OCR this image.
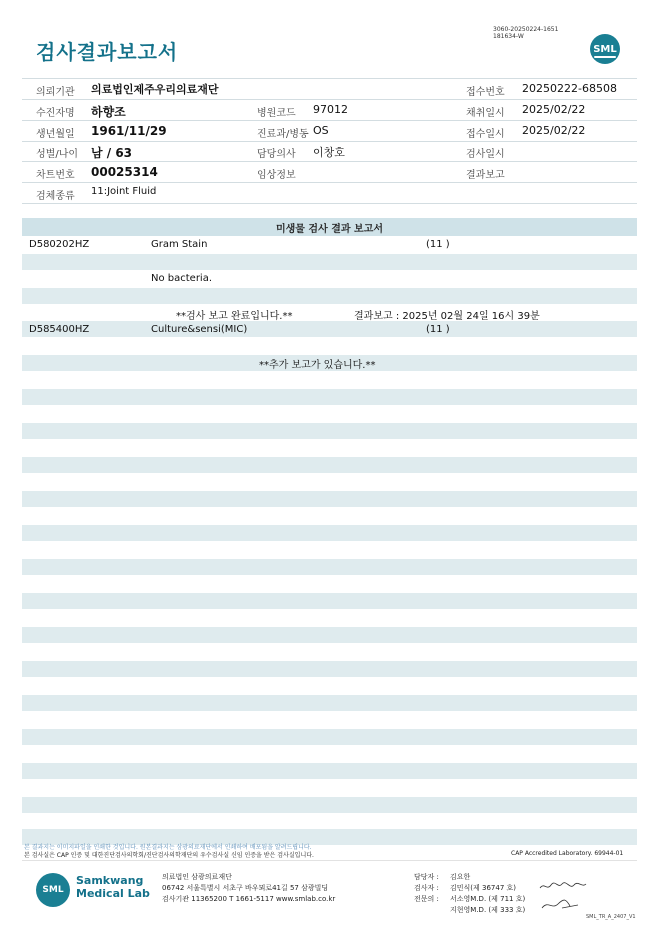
검사결과보고서
3060-20250224-1651
181634-W
SML
의뢰기관 의료법인제주우리의료재단	접수번호 20250222-68508
수진자명 하향조	병원코드 97012	채취일시 2025/02/22
생년월일 1961/11/29	진료과/병동 OS	접수일시 2025/02/22
성별/나이 남 / 63	담당의사 이창호	검사일시
차트번호 00025314	임상정보	결과보고
검체종류 11:Joint Fluid
미생물 검사 결과 보고서
D580202HZ	Gram Stain	(11 )
No bacteria.
**검사 보고 완료입니다.**	결과보고 : 2025년 02월 24일 16시 39분
D585400HZ	Culture&sensi(MIC)	(11 )
**추가 보고가 있습니다.**
본 결과지는 이미지파일을 인쇄한 것입니다. 원본결과지는 삼광의료재단에서 인쇄하여 배포됨을 알려드립니다.
본 검사실은 CAP 인증 및 대한진단검사의학회/진단검사의학재단의 우수검사실 신임 인증을 받은 검사실입니다.	CAP Accredited Laboratory. 69944-01
SML
Samkwang
Medical Lab
의료법인 삼광의료재단
06742 서울특별시 서초구 바우뫼로41길 57 삼광빌딩
검사기관 11365200 T 1661-5117 www.smlab.co.kr
담당자 : 김요한
검사자 : 김민식(제 36747 호)
전문의 : 서소영M.D. (제 711 호)
지현영M.D. (제 333 호)
SML_TR_A_2407_V1
